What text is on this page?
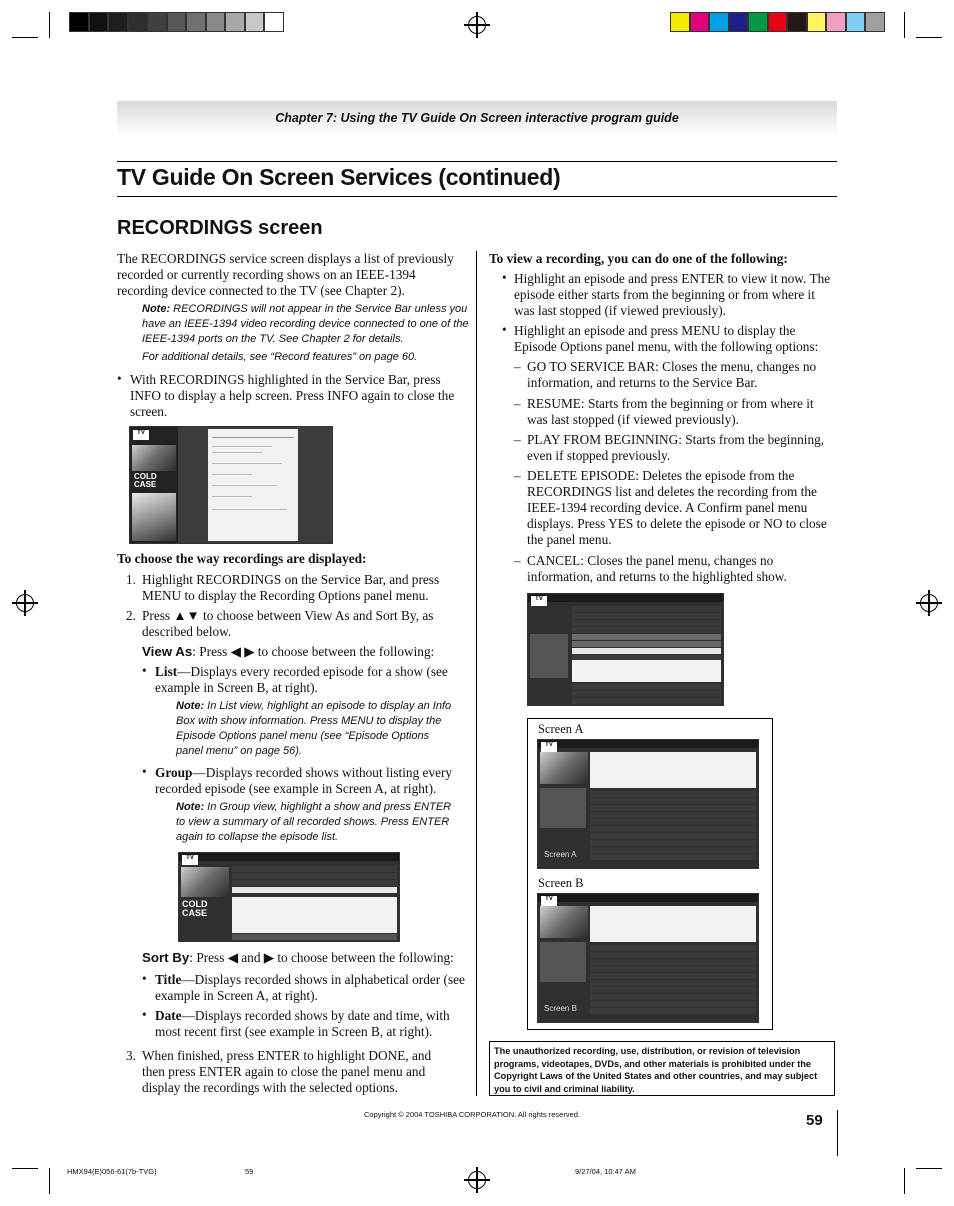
Chapter 7: Using the TV Guide On Screen interactive program guide
TV Guide On Screen Services (continued)
RECORDINGS screen
The RECORDINGS service screen displays a list of previously
recorded or currently recording shows on an IEEE-1394
recording device connected to the TV (see Chapter 2).
Note: RECORDINGS will not appear in the Service Bar unless you
have an IEEE-1394 video recording device connected to one of the
IEEE-1394 ports on the TV. See Chapter 2 for details.
For additional details, see “Record features” on page 60.
• With RECORDINGS highlighted in the Service Bar, press
INFO to display a help screen. Press INFO again to close the
screen.
TV
COLD CASE
To choose the way recordings are displayed:
1. Highlight RECORDINGS on the Service Bar, and press
MENU to display the Recording Options panel menu.
2. Press ▲▼ to choose between View As and Sort By, as
described below.
View As: Press ◀ ▶ to choose between the following:
• List—Displays every recorded episode for a show (see
example in Screen B, at right).
Note: In List view, highlight an episode to display an Info
Box with show information. Press MENU to display the
Episode Options panel menu (see “Episode Options
panel menu” on page 56).
• Group—Displays recorded shows without listing every
recorded episode (see example in Screen A, at right).
Note: In Group view, highlight a show and press ENTER
to view a summary of all recorded shows. Press ENTER
again to collapse the episode list.
TV
COLD CASE
Sort By: Press ◀ and ▶ to choose between the following:
• Title—Displays recorded shows in alphabetical order (see
example in Screen A, at right).
• Date—Displays recorded shows by date and time, with
most recent first (see example in Screen B, at right).
3. When finished, press ENTER to highlight DONE, and
then press ENTER again to close the panel menu and
display the recordings with the selected options.
To view a recording, you can do one of the following:
• Highlight an episode and press ENTER to view it now. The
episode either starts from the beginning or from where it
was last stopped (if viewed previously).
• Highlight an episode and press MENU to display the
Episode Options panel menu, with the following options:
– GO TO SERVICE BAR: Closes the menu, changes no
information, and returns to the Service Bar.
– RESUME: Starts from the beginning or from where it
was last stopped (if viewed previously).
– PLAY FROM BEGINNING: Starts from the beginning,
even if stopped previously.
– DELETE EPISODE: Deletes the episode from the
RECORDINGS list and deletes the recording from the
IEEE-1394 recording device. A Confirm panel menu
displays. Press YES to delete the episode or NO to close
the panel menu.
– CANCEL: Closes the panel menu, changes no
information, and returns to the highlighted show.
TV
Screen A
TV
Screen A
Screen B
TV
Screen B
The unauthorized recording, use, distribution, or revision of television programs, videotapes, DVDs, and other materials is prohibited under the Copyright Laws of the United States and other countries, and may subject you to civil and criminal liability.
Copyright © 2004 TOSHIBA CORPORATION. All rights reserved.	59
HMX94(E)056-61(7b-TVG)	59	9/27/04, 10:47 AM
